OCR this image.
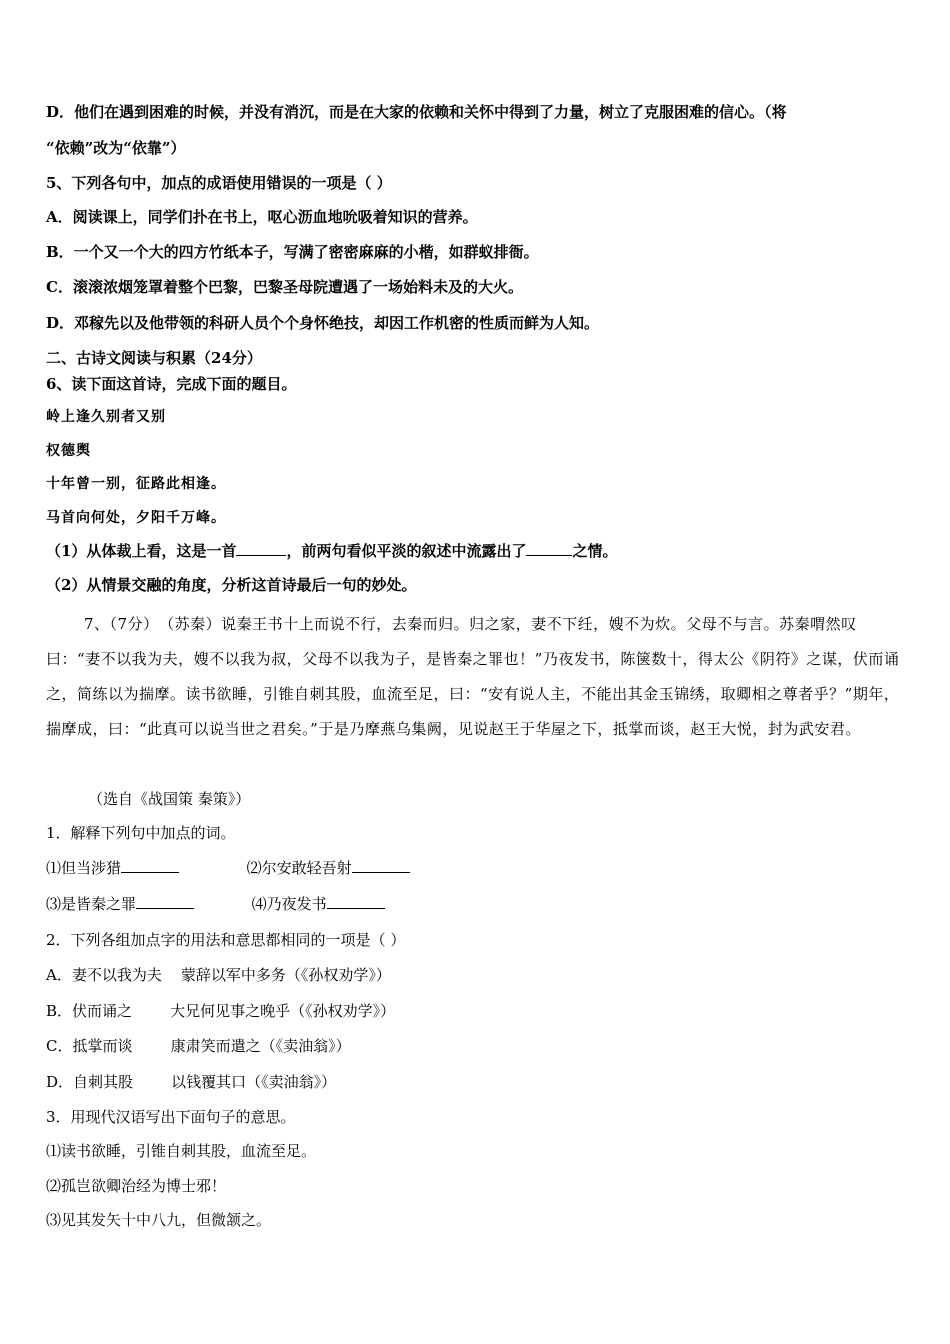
D．他们在遇到困难的时候，并没有消沉，而是在大家的依赖和关怀中得到了力量，树立了克服困难的信心。（将
“依赖”改为“依靠”）
5、下列各句中，加点的成语使用错误的一项是（ ）
A．阅读课上，同学们扑在书上，呕心沥血地吮吸着知识的营养。
B．一个又一个大的四方竹纸本子，写满了密密麻麻的小楷，如群蚁排衙。
C．滚滚浓烟笼罩着整个巴黎，巴黎圣母院遭遇了一场始料未及的大火。
D．邓稼先以及他带领的科研人员个个身怀绝技，却因工作机密的性质而鲜为人知。
二、古诗文阅读与积累（24分）
6、读下面这首诗，完成下面的题目。
岭上逢久别者又别
权德舆
十年曾一别，征路此相逢。
马首向何处，夕阳千万峰。
（1）从体裁上看，这是一首	，前两句看似平淡的叙述中流露出了	之情。
（2）从情景交融的角度，分析这首诗最后一句的妙处。
7、（7分）　（苏秦）说秦王书十上而说不行，去秦而归。归之家，妻不下纴，嫂不为炊。父母不与言。苏秦喟然叹曰：“妻不以我为夫，嫂不以我为叔，父母不以我为子，是皆秦之罪也！”乃夜发书，陈箧数十，得太公《阴符》之谋，伏而诵之，简练以为揣摩。读书欲睡，引锥自刺其股，血流至足，曰：“安有说人主，不能出其金玉锦绣，取卿相之尊者乎？”期年，揣摩成，曰：“此真可以说当世之君矣。”于是乃摩燕乌集阙，见说赵王于华屋之下，抵掌而谈，赵王大悦，封为武安君。
（选自《战国策 秦策》）
1．解释下列句中加点的词。
⑴但当涉猎	⑵尔安敢轻吾射
⑶是皆秦之罪	⑷乃夜发书
2．下列各组加点字的用法和意思都相同的一项是（ ）
A．妻不以我为夫    蒙辞以军中多务（《孙权劝学》）
B．伏而诵之        大兄何见事之晚乎（《孙权劝学》）
C．抵掌而谈        康肃笑而遣之（《卖油翁》）
D．自刺其股        以钱覆其口（《卖油翁》）
3．用现代汉语写出下面句子的意思。
⑴读书欲睡，引锥自刺其股，血流至足。
⑵孤岂欲卿治经为博士邪！
⑶见其发矢十中八九，但微颔之。
